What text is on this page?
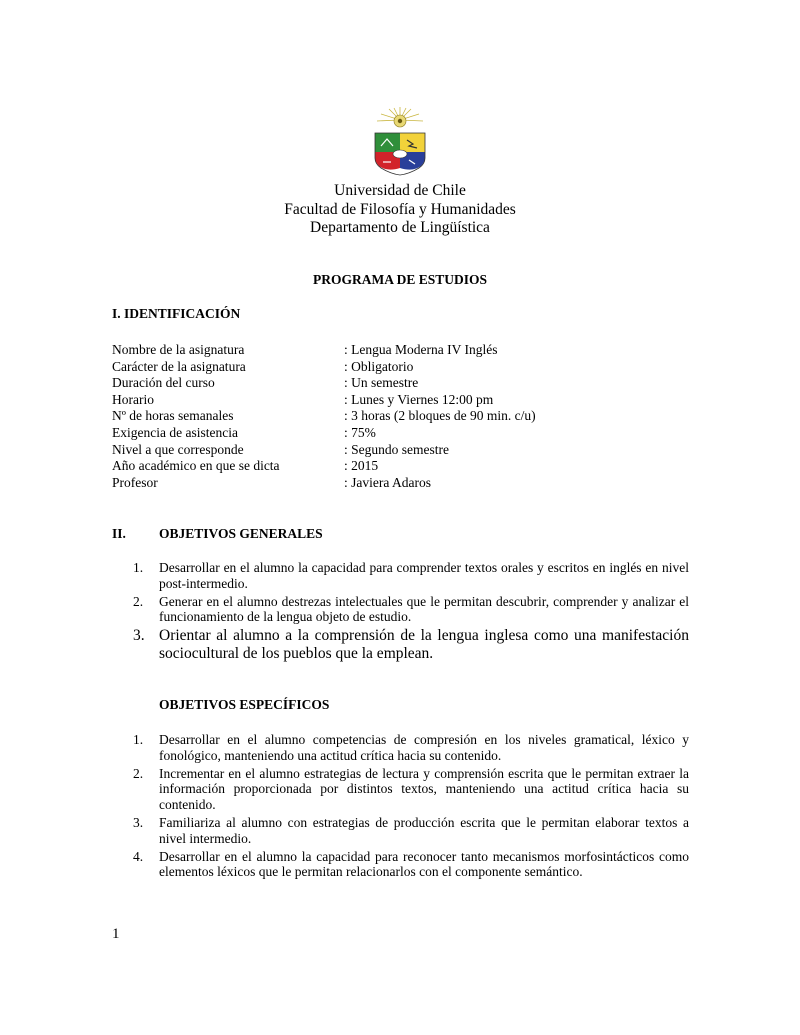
Universidad de Chile
Facultad de Filosofía y Humanidades
Departamento de Lingüística
PROGRAMA DE ESTUDIOS
I. IDENTIFICACIÓN
Nombre de la asignatura	: Lengua Moderna IV Inglés
Carácter de la asignatura	: Obligatorio
Duración del curso	: Un semestre
Horario	: Lunes y Viernes 12:00 pm
Nº de horas semanales	: 3 horas (2 bloques de 90 min. c/u)
Exigencia de asistencia	: 75%
Nivel a que corresponde	: Segundo semestre
Año académico en que se dicta	: 2015
Profesor	: Javiera Adaros
II. OBJETIVOS GENERALES
1. Desarrollar en el alumno la capacidad para comprender textos orales y escritos en inglés en nivel post-intermedio.
2. Generar en el alumno destrezas intelectuales que le permitan descubrir, comprender y analizar el funcionamiento de la lengua objeto de estudio.
3. Orientar al alumno a la comprensión de la lengua inglesa como una manifestación sociocultural de los pueblos que la emplean.
OBJETIVOS ESPECÍFICOS
1. Desarrollar en el alumno competencias de compresión en los niveles gramatical, léxico y fonológico, manteniendo una actitud crítica hacia su contenido.
2. Incrementar en el alumno estrategias de lectura y comprensión escrita que le permitan extraer la información proporcionada por distintos textos, manteniendo una actitud crítica hacia su contenido.
3. Familiariza al alumno con estrategias de producción escrita que le permitan elaborar textos a nivel intermedio.
4. Desarrollar en el alumno la capacidad para reconocer tanto mecanismos morfosintácticos como elementos léxicos que le permitan relacionarlos con el componente semántico.
1
